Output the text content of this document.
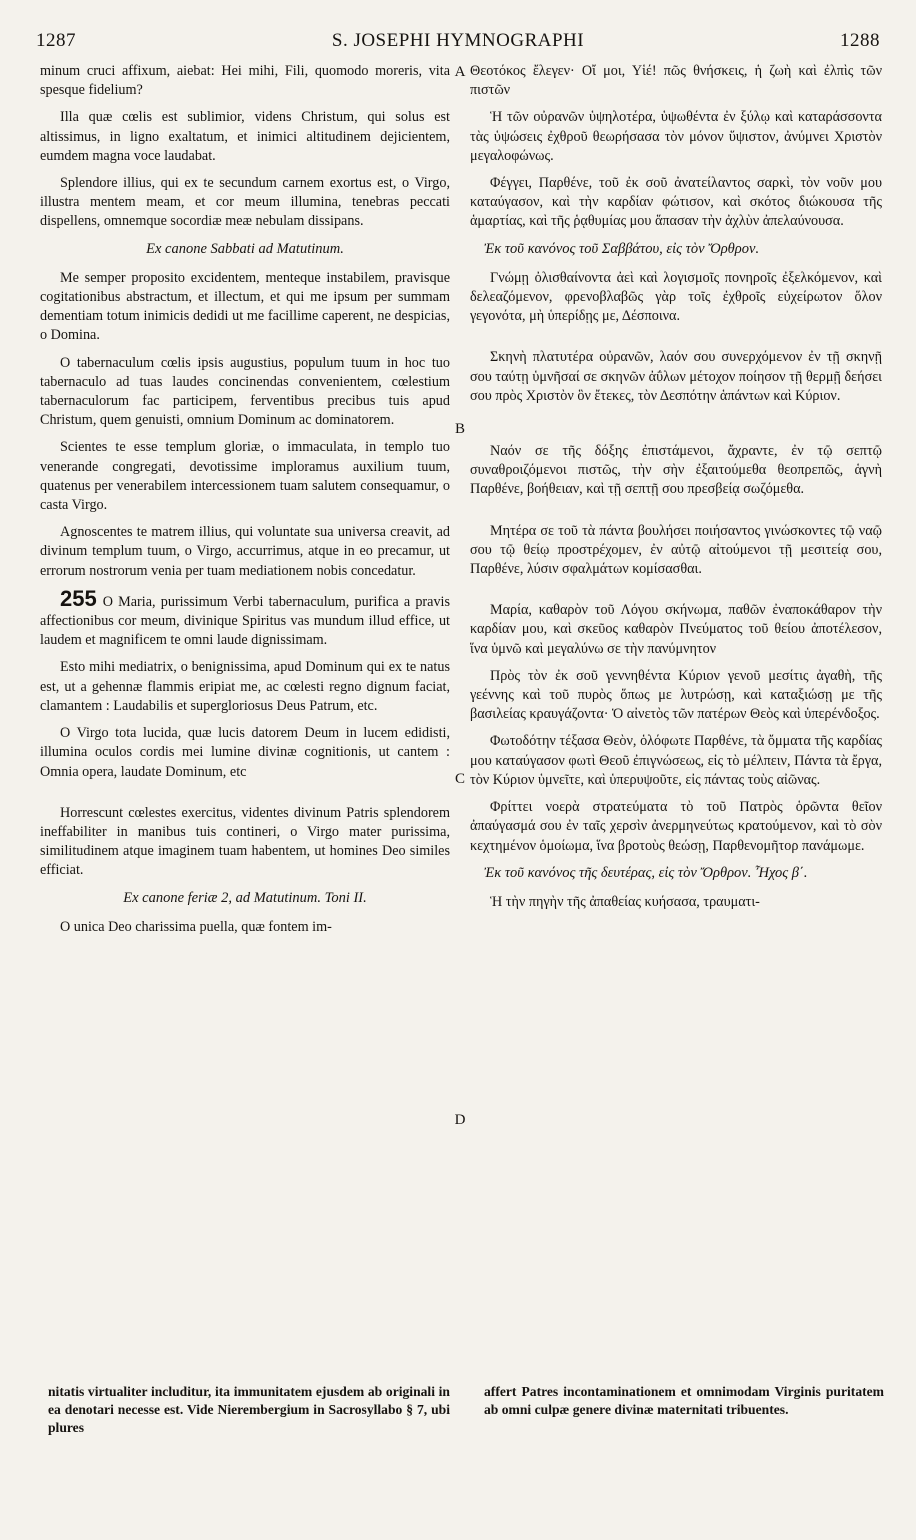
1287	S. JOSEPHI HYMNOGRAPHI	1288
A
B
C
D

minum cruci affixum, aiebat: Hei mihi, Fili, quomodo moreris, vita spesque fidelium?

Illa quæ cœlis est sublimior, videns Christum, qui solus est altissimus, in ligno exaltatum, et inimici altitudinem dejicientem, eumdem magna voce laudabat.

Splendore illius, qui ex te secundum carnem exortus est, o Virgo, illustra mentem meam, et cor meum illumina, tenebras peccati dispellens, omnemque socordiæ meæ nebulam dissipans.

Ex canone Sabbati ad Matutinum.

Me semper proposito excidentem, menteque instabilem, pravisque cogitationibus abstractum, et illectum, et qui me ipsum per summam dementiam totum inimicis dedidi ut me facillime caperent, ne despicias, o Domina.

O tabernaculum cœlis ipsis augustius, populum tuum in hoc tuo tabernaculo ad tuas laudes concinendas convenientem, cœlestium tabernaculorum fac participem, ferventibus precibus tuis apud Christum, quem genuisti, omnium Dominum ac dominatorem.

Scientes te esse templum gloriæ, o immaculata, in templo tuo venerande congregati, devotissime imploramus auxilium tuum, quatenus per venerabilem intercessionem tuam salutem consequamur, o casta Virgo.

Agnoscentes te matrem illius, qui voluntate sua universa creavit, ad divinum templum tuum, o Virgo, accurrimus, atque in eo precamur, ut errorum nostrorum venia per tuam mediationem nobis concedatur.

255 O Maria, purissimum Verbi tabernaculum, purifica a pravis affectionibus cor meum, divinique Spiritus vas mundum illud effice, ut laudem et magnificem te omni laude dignissimam.

Esto mihi mediatrix, o benignissima, apud Dominum qui ex te natus est, ut a gehennæ flammis eripiat me, ac cœlesti regno dignum faciat, clamantem : Laudabilis et supergloriosus Deus Patrum, etc.

O Virgo tota lucida, quæ lucis datorem Deum in lucem edidisti, illumina oculos cordis mei lumine divinæ cognitionis, ut cantem : Omnia opera, laudate Dominum, etc

Horrescunt cœlestes exercitus, videntes divinum Patris splendorem ineffabiliter in manibus tuis contineri, o Virgo mater purissima, similitudinem atque imaginem tuam habentem, ut homines Deo similes efficiat.

Ex canone feriæ 2, ad Matutinum. Toni II.

O unica Deo charissima puella, quæ fontem im-

Θεοτόκος ἔλεγεν· Οἴ μοι, Υἱέ! πῶς θνήσκεις, ἡ ζωὴ καὶ ἐλπὶς τῶν πιστῶν

Ἡ τῶν οὐρανῶν ὑψηλοτέρα, ὑψωθέντα ἐν ξύλῳ καὶ καταράσσοντα τὰς ὑψώσεις ἐχθροῦ θεωρήσασα τὸν μόνον ὕψιστον, ἀνύμνει Χριστὸν μεγαλοφώνως.

Φέγγει, Παρθένε, τοῦ ἐκ σοῦ ἀνατείλαντος σαρκὶ, τὸν νοῦν μου καταύγασον, καὶ τὴν καρδίαν φώτισον, καὶ σκότος διώκουσα τῆς ἁμαρτίας, καὶ τῆς ῥᾳθυμίας μου ἅπασαν τὴν ἀχλὺν ἀπελαύνουσα.

Ἐκ τοῦ κανόνος τοῦ Σαββάτου, εἰς τὸν Ὄρθρον.

Γνώμῃ ὀλισθαίνοντα ἀεὶ καὶ λογισμοῖς πονηροῖς ἐξελκόμενον, καὶ δελεαζόμενον, φρενοβλαβῶς γὰρ τοῖς ἐχθροῖς εὐχείρωτον ὅλον γεγονότα, μὴ ὑπερίδῃς με, Δέσποινα.

Σκηνὴ πλατυτέρα οὐρανῶν, λαόν σου συνερχόμενον ἐν τῇ σκηνῇ σου ταύτῃ ὑμνῆσαί σε σκηνῶν ἀΰλων μέτοχον ποίησον τῇ θερμῇ δεήσει σου πρὸς Χριστὸν ὃν ἔτεκες, τὸν Δεσπότην ἁπάντων καὶ Κύριον.

Ναόν σε τῆς δόξης ἐπιστάμενοι, ἄχραντε, ἐν τῷ σεπτῷ συναθροιζόμενοι πιστῶς, τὴν σὴν ἐξαιτούμεθα θεοπρεπῶς, ἁγνὴ Παρθένε, βοήθειαν, καὶ τῇ σεπτῇ σου πρεσβείᾳ σωζόμεθα.

Μητέρα σε τοῦ τὰ πάντα βουλήσει ποιήσαντος γινώσκοντες τῷ ναῷ σου τῷ θείῳ προστρέχομεν, ἐν αὐτῷ αἰτούμενοι τῇ μεσιτείᾳ σου, Παρθένε, λύσιν σφαλμάτων κομίσασθαι.

Μαρία, καθαρὸν τοῦ Λόγου σκήνωμα, παθῶν ἐναποκάθαρον τὴν καρδίαν μου, καὶ σκεῦος καθαρὸν Πνεύματος τοῦ θείου ἀποτέλεσον, ἵνα ὑμνῶ καὶ μεγαλύνω σε τὴν πανύμνητον

Πρὸς τὸν ἐκ σοῦ γεννηθέντα Κύριον γενοῦ μεσίτις ἀγαθὴ, τῆς γεέννης καὶ τοῦ πυρὸς ὅπως με λυτρώσῃ, καὶ καταξιώσῃ με τῆς βασιλείας κραυγάζοντα· Ὁ αἰνετὸς τῶν πατέρων Θεὸς καὶ ὑπερένδοξος.

Φωτοδότην τέξασα Θεὸν, ὁλόφωτε Παρθένε, τὰ ὄμματα τῆς καρδίας μου καταύγασον φωτὶ Θεοῦ ἐπιγνώσεως, εἰς τὸ μέλπειν, Πάντα τὰ ἔργα, τὸν Κύριον ὑμνεῖτε, καὶ ὑπερυψοῦτε, εἰς πάντας τοὺς αἰῶνας.

Φρίττει νοερὰ στρατεύματα τὸ τοῦ Πατρὸς ὁρῶντα θεῖον ἀπαύγασμά σου ἐν ταῖς χερσὶν ἀνερμηνεύτως κρατούμενον, καὶ τὸ σὸν κεχτημένον ὁμοίωμα, ἵνα βροτοὺς θεώσῃ, Παρθενομῆτορ πανάμωμε.

Ἐκ τοῦ κανόνος τῆς δευτέρας, εἰς τὸν Ὄρθρον. Ἦχος β΄.

Ἡ τὴν πηγὴν τῆς ἀπαθείας κυήσασα, τραυματι-

nitatis virtualiter includitur, ita immunitatem ejusdem ab originali in ea denotari necesse est. Vide Nierembergium in Sacrosyllabo § 7, ubi plures
affert Patres incontaminationem et omnimodam Virginis puritatem ab omni culpæ genere divinæ maternitati tribuentes.
